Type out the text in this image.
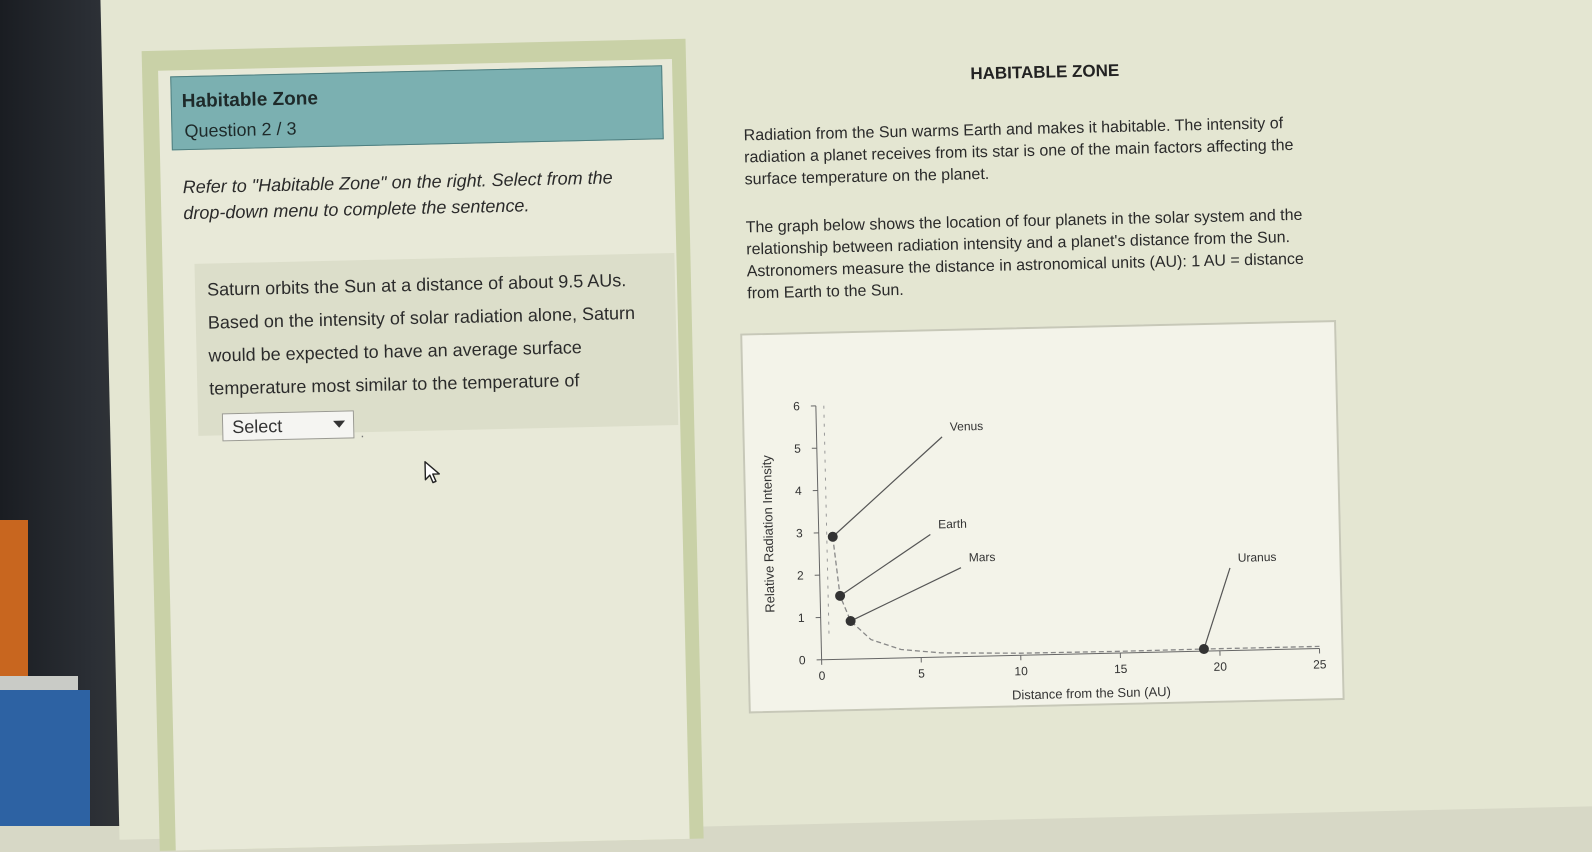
Habitable Zone
Question 2 / 3
Refer to "Habitable Zone" on the right. Select from the drop-down menu to complete the sentence.
Saturn orbits the Sun at a distance of about 9.5 AUs. Based on the intensity of solar radiation alone, Saturn would be expected to have an average surface temperature most similar to the temperature of
Select	.
HABITABLE ZONE
Radiation from the Sun warms Earth and makes it habitable. The intensity of radiation a planet receives from its star is one of the main factors affecting the surface temperature on the planet.
The graph below shows the location of four planets in the solar system and the relationship between radiation intensity and a planet's distance from the Sun. Astronomers measure the distance in astronomical units (AU): 1 AU = distance from Earth to the Sun.
0
1
2
3
4
5
6
0	5	10	15	20	25
Venus
Earth
Mars	Uranus
Distance from the Sun (AU)
Relative Radiation Intensity
